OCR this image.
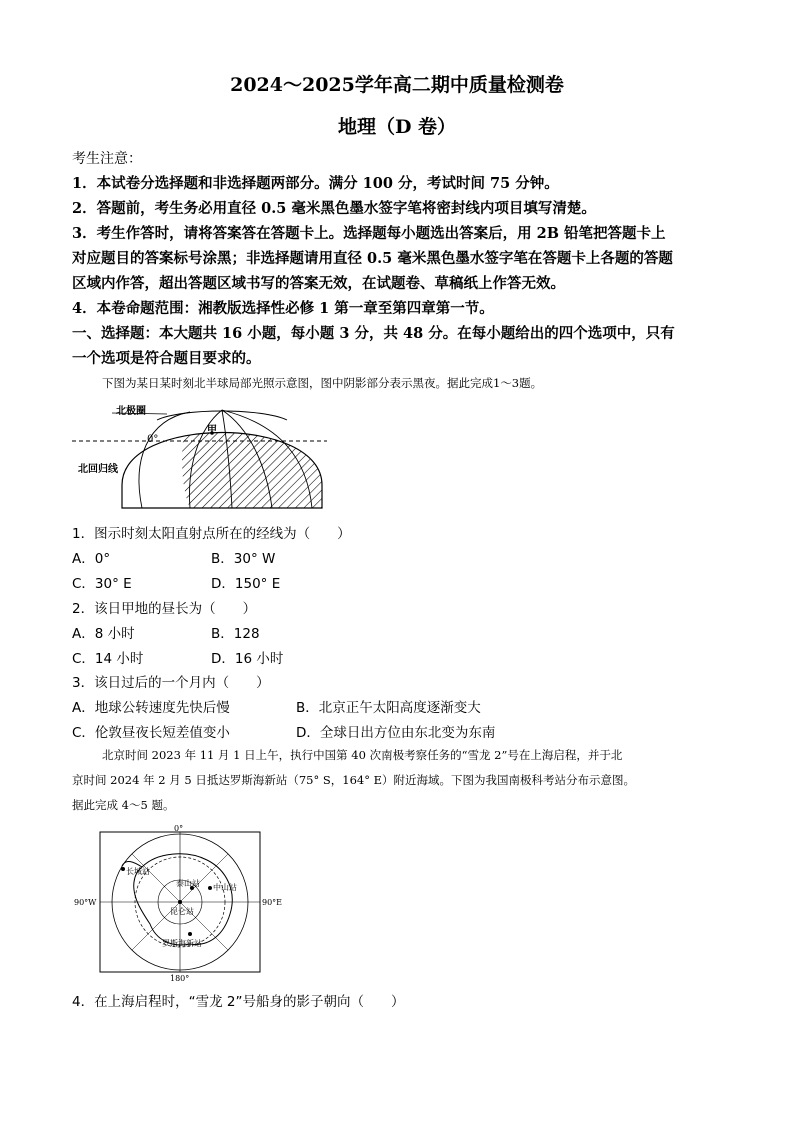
2024～2025学年高二期中质量检测卷
地理（D 卷）
考生注意：
1．本试卷分选择题和非选择题两部分。满分 100 分，考试时间 75 分钟。
2．答题前，考生务必用直径 0.5 毫米黑色墨水签字笔将密封线内项目填写清楚。
3．考生作答时，请将答案答在答题卡上。选择题每小题选出答案后，用 2B 铅笔把答题卡上
对应题目的答案标号涂黑；非选择题请用直径 0.5 毫米黑色墨水签字笔在答题卡上各题的答题
区域内作答，超出答题区域书写的答案无效，在试题卷、草稿纸上作答无效。
4．本卷命题范围：湘教版选择性必修 1 第一章至第四章第一节。
一、选择题：本大题共 16 小题，每小题 3 分，共 48 分。在每小题给出的四个选项中，只有
一个选项是符合题目要求的。
下图为某日某时刻北半球局部光照示意图，图中阴影部分表示黑夜。据此完成1～3题。
北极圈
0°
甲
北回归线
1．图示时刻太阳直射点所在的经线为（　　）
A．0°	B．30° W
C．30° E	D．150° E
2．该日甲地的昼长为（　　）
A．8 小时	B．128
C．14 小时	D．16 小时
3．该日过后的一个月内（　　）
A．地球公转速度先快后慢	B．北京正午太阳高度逐渐变大
C．伦敦昼夜长短差值变小	D．全球日出方位由东北变为东南
北京时间 2023 年 11 月 1 日上午，执行中国第 40 次南极考察任务的“雪龙 2”号在上海启程，并于北
京时间 2024 年 2 月 5 日抵达罗斯海新站（75° S，164° E）附近海域。下图为我国南极科考站分布示意图。
据此完成 4～5 题。
0°
180°
90°W	90°E
长城站
泰山站 中山站
昆仑站
罗斯海新站
4．在上海启程时，“雪龙 2”号船身的影子朝向（　　）
